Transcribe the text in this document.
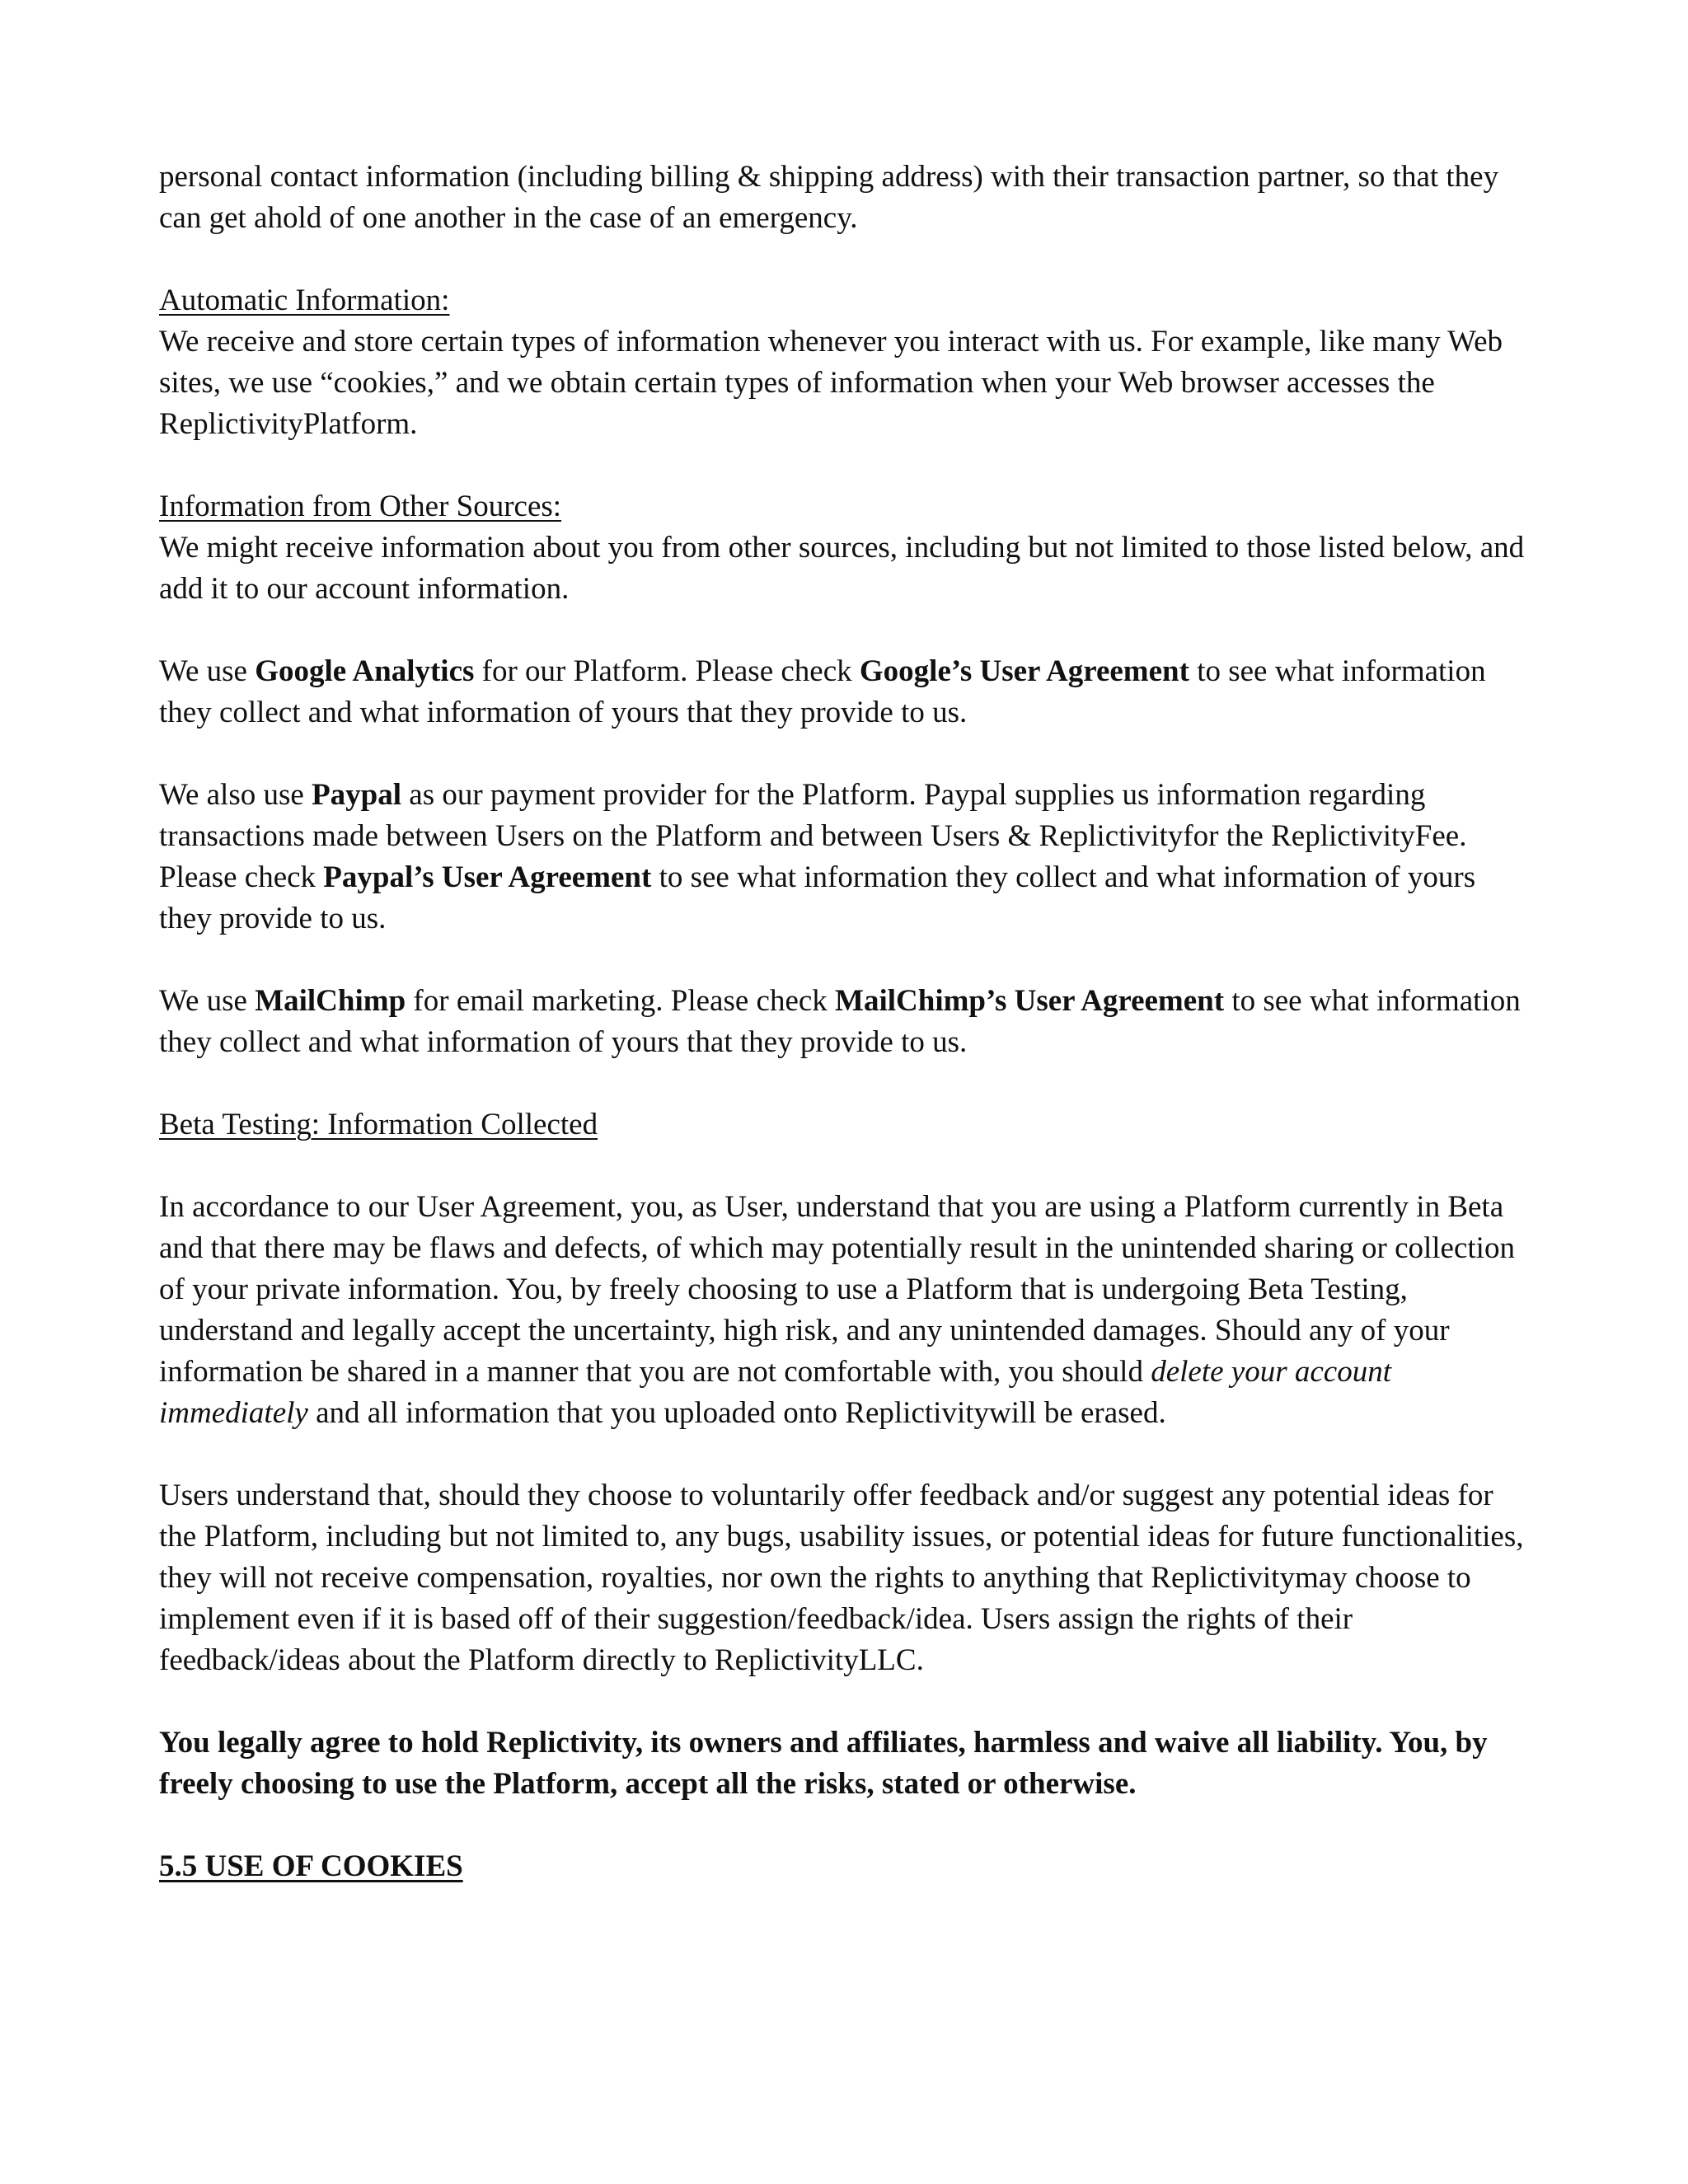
personal contact information (including billing & shipping address) with their transaction partner, so that they can get ahold of one another in the case of an emergency.

Automatic Information:

We receive and store certain types of information whenever you interact with us. For example, like many Web sites, we use “cookies,” and we obtain certain types of information when your Web browser accesses the ReplictivityPlatform.

Information from Other Sources:

We might receive information about you from other sources, including but not limited to those listed below, and add it to our account information.

We use Google Analytics for our Platform. Please check Google’s User Agreement to see what information they collect and what information of yours that they provide to us.

We also use Paypal as our payment provider for the Platform. Paypal supplies us information regarding transactions made between Users on the Platform and between Users & Replictivityfor the ReplictivityFee. Please check Paypal’s User Agreement to see what information they collect and what information of yours they provide to us.

We use MailChimp for email marketing. Please check MailChimp’s User Agreement to see what information they collect and what information of yours that they provide to us.

Beta Testing: Information Collected

In accordance to our User Agreement, you, as User, understand that you are using a Platform currently in Beta and that there may be flaws and defects, of which may potentially result in the unintended sharing or collection of your private information. You, by freely choosing to use a Platform that is undergoing Beta Testing, understand and legally accept the uncertainty, high risk, and any unintended damages. Should any of your information be shared in a manner that you are not comfortable with, you should delete your account immediately and all information that you uploaded onto Replictivitywill be erased.

Users understand that, should they choose to voluntarily offer feedback and/or suggest any potential ideas for the Platform, including but not limited to, any bugs, usability issues, or potential ideas for future functionalities, they will not receive compensation, royalties, nor own the rights to anything that Replictivitymay choose to implement even if it is based off of their suggestion/feedback/idea. Users assign the rights of their feedback/ideas about the Platform directly to ReplictivityLLC.

You legally agree to hold Replictivity, its owners and affiliates, harmless and waive all liability. You, by freely choosing to use the Platform, accept all the risks, stated or otherwise.

5.5 USE OF COOKIES
